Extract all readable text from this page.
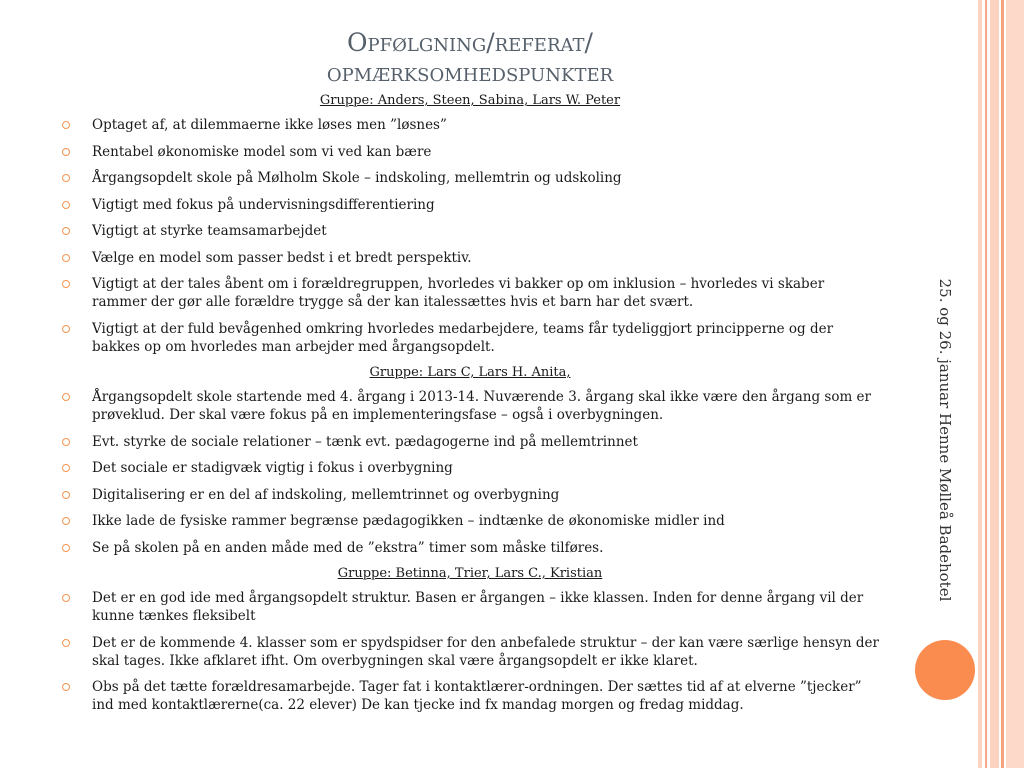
25. og 26. januar Henne Mølleå Badehotel
Opfølgning/referat/
opmærksomhedspunkter
Gruppe: Anders, Steen, Sabina, Lars W. Peter
Optaget af, at dilemmaerne ikke løses men ”løsnes”
Rentabel økonomiske model som vi ved kan bære
Årgangsopdelt skole på Mølholm Skole – indskoling, mellemtrin og udskoling
Vigtigt med fokus på undervisningsdifferentiering
Vigtigt at styrke teamsamarbejdet
Vælge en model som passer bedst i et bredt perspektiv.
Vigtigt at der tales åbent om i forældregruppen, hvorledes vi bakker op om inklusion – hvorledes vi skaber rammer der gør alle forældre trygge så der kan italessættes hvis et barn har det svært.
Vigtigt at der fuld bevågenhed omkring hvorledes medarbejdere, teams får tydeliggjort principperne og der bakkes op om hvorledes man arbejder med årgangsopdelt.
Gruppe: Lars C, Lars H. Anita,
Årgangsopdelt skole startende med 4. årgang i 2013-14. Nuværende 3. årgang skal ikke være den årgang som er prøveklud. Der skal være fokus på en implementeringsfase – også i overbygningen.
Evt. styrke de sociale relationer – tænk evt. pædagogerne ind på mellemtrinnet
Det sociale er stadigvæk vigtig i fokus i overbygning
Digitalisering er en del af indskoling, mellemtrinnet og overbygning
Ikke lade de fysiske rammer begrænse pædagogikken – indtænke de økonomiske midler ind
Se på skolen på en anden måde med de ”ekstra” timer som måske tilføres.
Gruppe: Betinna, Trier, Lars C., Kristian
Det er en god ide med årgangsopdelt struktur. Basen er årgangen – ikke klassen. Inden for denne årgang vil der kunne tænkes fleksibelt
Det er de kommende 4. klasser som er spydspidser for den anbefalede struktur – der kan være særlige hensyn der skal tages. Ikke afklaret ifht. Om overbygningen skal være årgangsopdelt er ikke klaret.
Obs på det tætte forældresamarbejde. Tager fat i kontaktlærer-ordningen. Der sættes tid af at elverne ”tjecker” ind med kontaktlærerne(ca. 22 elever) De kan tjecke ind fx mandag morgen og fredag middag.
